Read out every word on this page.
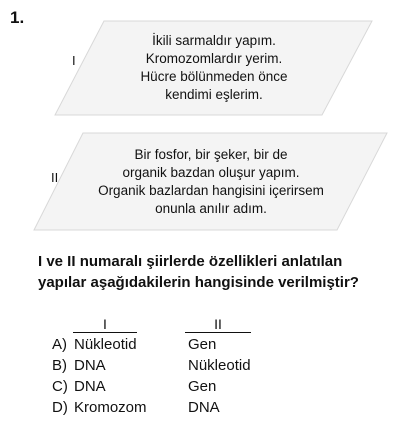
1.
I
İkili sarmaldır yapım.
Kromozomlardır yerim.
Hücre bölünmeden önce
kendimi eşlerim.
II
Bir fosfor, bir şeker, bir de
organik bazdan oluşur yapım.
Organik bazlardan hangisini içerirsem
onunla anılır adım.
I ve II numaralı şiirlerde özellikleri anlatılan
yapılar aşağıdakilerin hangisinde verilmiştir?
I	II
A) Nükleotid	Gen
B) DNA	Nükleotid
C) DNA	Gen
D) Kromozom	DNA
